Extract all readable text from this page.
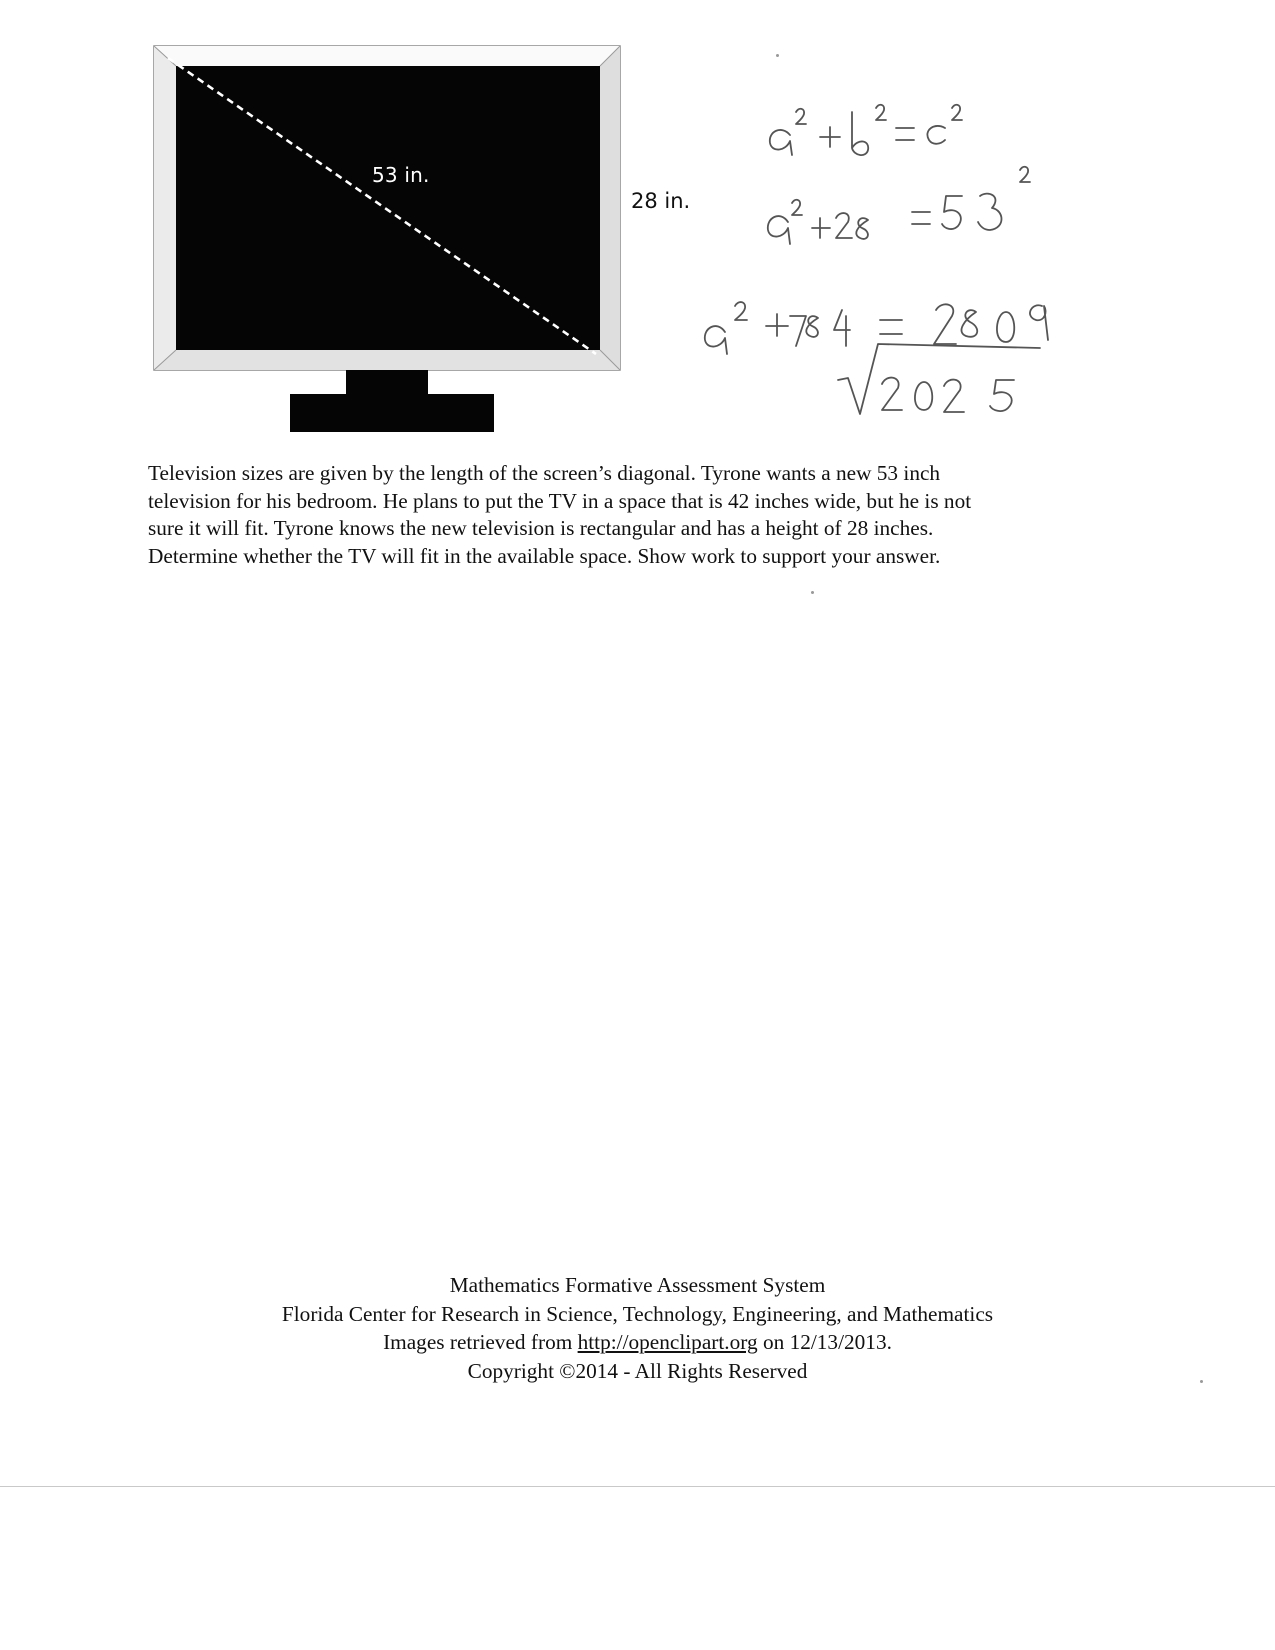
53 in.
28 in.

Television sizes are given by the length of the screen’s diagonal. Tyrone wants a new 53 inch
television for his bedroom. He plans to put the TV in a space that is 42 inches wide, but he is not
sure it will fit. Tyrone knows the new television is rectangular and has a height of 28 inches.
Determine whether the TV will fit in the available space. Show work to support your answer.

Mathematics Formative Assessment System
Florida Center for Research in Science, Technology, Engineering, and Mathematics
Images retrieved from http://openclipart.org on 12/13/2013.
Copyright ©2014 - All Rights Reserved
